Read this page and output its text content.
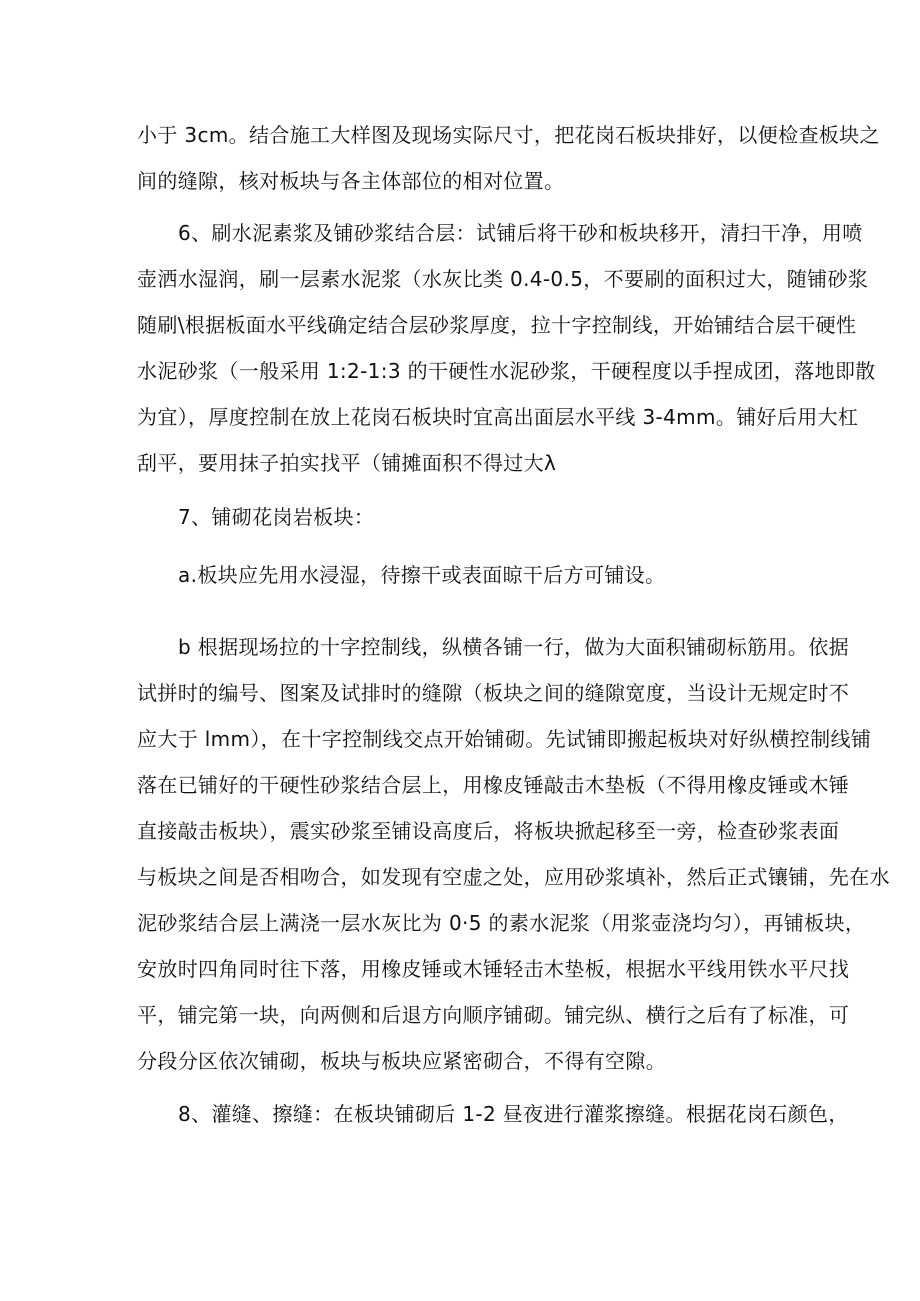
小于 3cm。结合施工大样图及现场实际尺寸，把花岗石板块排好，以便检查板块之
间的缝隙，核对板块与各主体部位的相对位置。
6、刷水泥素浆及铺砂浆结合层：试铺后将干砂和板块移开，清扫干净，用喷
壶洒水湿润，刷一层素水泥浆（水灰比类 0.4-0.5，不要刷的面积过大，随铺砂浆
随刷\根据板面水平线确定结合层砂浆厚度，拉十字控制线，开始铺结合层干硬性
水泥砂浆（一般采用 1:2-1:3 的干硬性水泥砂浆，干硬程度以手捏成团，落地即散
为宜），厚度控制在放上花岗石板块时宜高出面层水平线 3-4mm。铺好后用大杠
刮平，要用抹子拍实找平（铺摊面积不得过大λ
7、铺砌花岗岩板块：
a.板块应先用水浸湿，待擦干或表面晾干后方可铺设。
b 根据现场拉的十字控制线，纵横各铺一行，做为大面积铺砌标筋用。依据
试拼时的编号、图案及试排时的缝隙（板块之间的缝隙宽度，当设计无规定时不
应大于 lmm），在十字控制线交点开始铺砌。先试铺即搬起板块对好纵横控制线铺
落在已铺好的干硬性砂浆结合层上，用橡皮锤敲击木垫板（不得用橡皮锤或木锤
直接敲击板块），震实砂浆至铺设高度后，将板块掀起移至一旁，检查砂浆表面
与板块之间是否相吻合，如发现有空虚之处，应用砂浆填补，然后正式镶铺，先在水
泥砂浆结合层上满浇一层水灰比为 0·5 的素水泥浆（用浆壶浇均匀），再铺板块，
安放时四角同时往下落，用橡皮锤或木锤轻击木垫板，根据水平线用铁水平尺找
平，铺完第一块，向两侧和后退方向顺序铺砌。铺完纵、横行之后有了标准，可
分段分区依次铺砌，板块与板块应紧密砌合，不得有空隙。
8、灌缝、擦缝：在板块铺砌后 1-2 昼夜进行灌浆擦缝。根据花岗石颜色，
